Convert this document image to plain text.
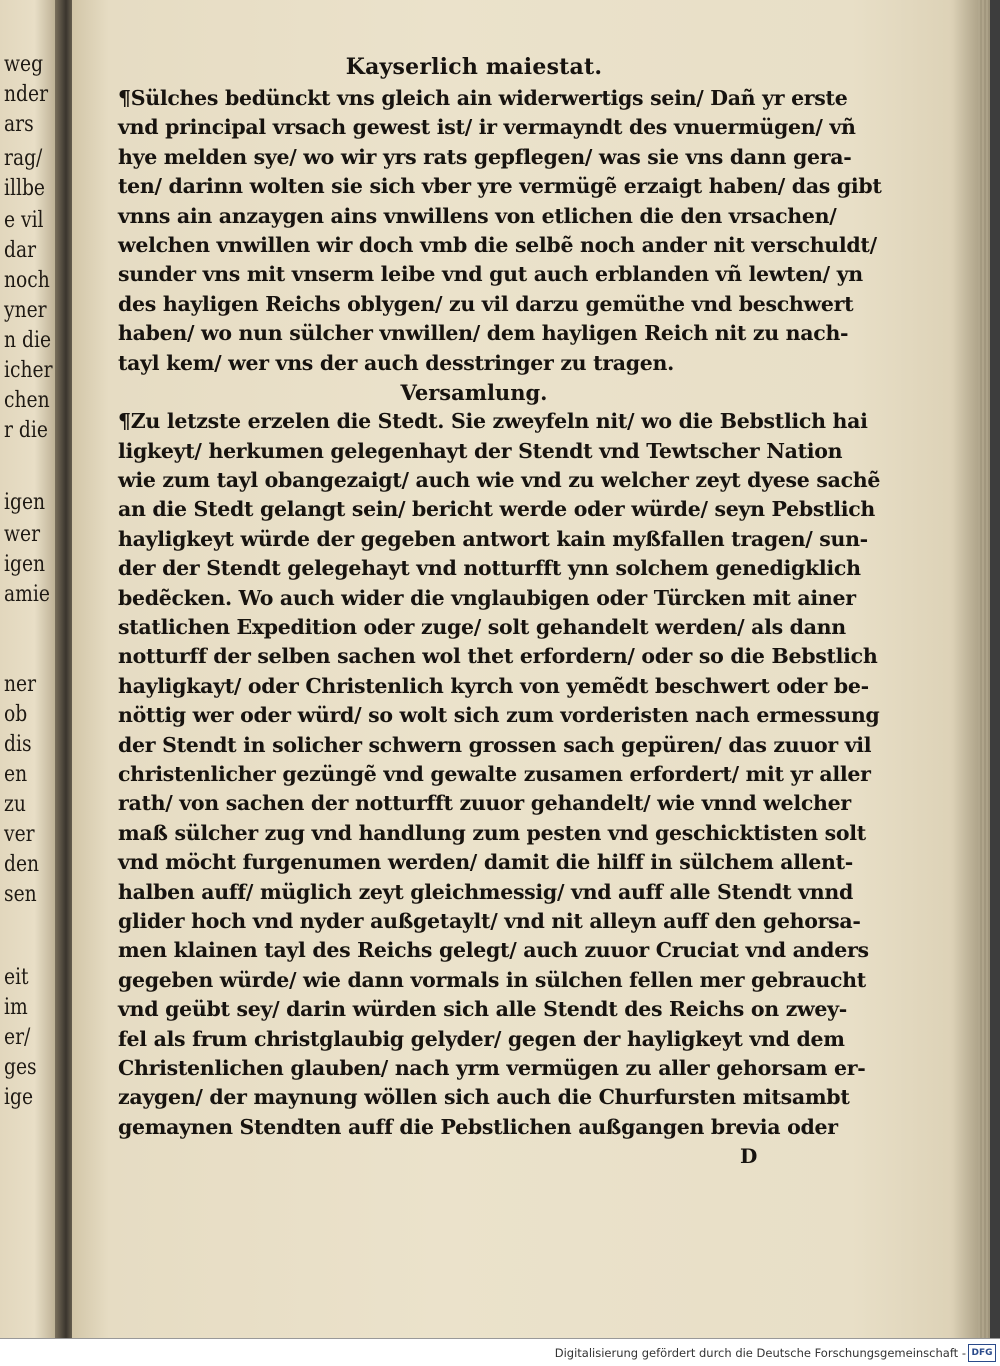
weg
nder
ars
rag/
illbe
e vil
dar
noch
yner
n die
icher
chen
r die
igen
wer
igen
amie
ner
ob
dis
en
zu
ver
den
sen
eit
im
er/
ges
ige
Kayserlich maiestat.
¶Sülches bedünckt vns gleich ain widerwertigs sein/ Dañ yr erste
vnd principal vrsach gewest ist/ ir vermayndt des vnuermügen/ vñ
hye melden sye/ wo wir yrs rats gepflegen/ was sie vns dann gera-
ten/ darinn wolten sie sich vber yre vermügẽ erzaigt haben/ das gibt
vnns ain anzaygen ains vnwillens von etlichen die den vrsachen/
welchen vnwillen wir doch vmb die selbẽ noch ander nit verschuldt/
sunder vns mit vnserm leibe vnd gut auch erblanden vñ lewten/ yn
des hayligen Reichs oblygen/ zu vil darzu gemüthe vnd beschwert
haben/ wo nun sülcher vnwillen/ dem hayligen Reich nit zu nach-
tayl kem/ wer vns der auch desstringer zu tragen.
Versamlung.
¶Zu letzste erzelen die Stedt. Sie zweyfeln nit/ wo die Bebstlich hai
ligkeyt/ herkumen gelegenhayt der Stendt vnd Tewtscher Nation
wie zum tayl obangezaigt/ auch wie vnd zu welcher zeyt dyese sachẽ
an die Stedt gelangt sein/ bericht werde oder würde/ seyn Pebstlich
hayligkeyt würde der gegeben antwort kain myßfallen tragen/ sun-
der der Stendt gelegehayt vnd notturfft ynn solchem genedigklich
bedẽcken. Wo auch wider die vnglaubigen oder Türcken mit ainer
statlichen Expedition oder zuge/ solt gehandelt werden/ als dann
notturff der selben sachen wol thet erfordern/ oder so die Bebstlich
hayligkayt/ oder Christenlich kyrch von yemẽdt beschwert oder be-
nöttig wer oder würd/ so wolt sich zum vorderisten nach ermessung
der Stendt in solicher schwern grossen sach gepüren/ das zuuor vil
christenlicher gezüngẽ vnd gewalte zusamen erfordert/ mit yr aller
rath/ von sachen der notturfft zuuor gehandelt/ wie vnnd welcher
maß sülcher zug vnd handlung zum pesten vnd geschicktisten solt
vnd möcht furgenumen werden/ damit die hilff in sülchem allent-
halben auff/ müglich zeyt gleichmessig/ vnd auff alle Stendt vnnd
glider hoch vnd nyder außgetaylt/ vnd nit alleyn auff den gehorsa-
men klainen tayl des Reichs gelegt/ auch zuuor Cruciat vnd anders
gegeben würde/ wie dann vormals in sülchen fellen mer gebraucht
vnd geübt sey/ darin würden sich alle Stendt des Reichs on zwey-
fel als frum christglaubig gelyder/ gegen der hayligkeyt vnd dem
Christenlichen glauben/ nach yrm vermügen zu aller gehorsam er-
zaygen/ der maynung wöllen sich auch die Churfursten mitsambt
gemaynen Stendten auff die Pebstlichen außgangen brevia oder
D
Digitalisierung gefördert durch die Deutsche Forschungsgemeinschaft - DFG
